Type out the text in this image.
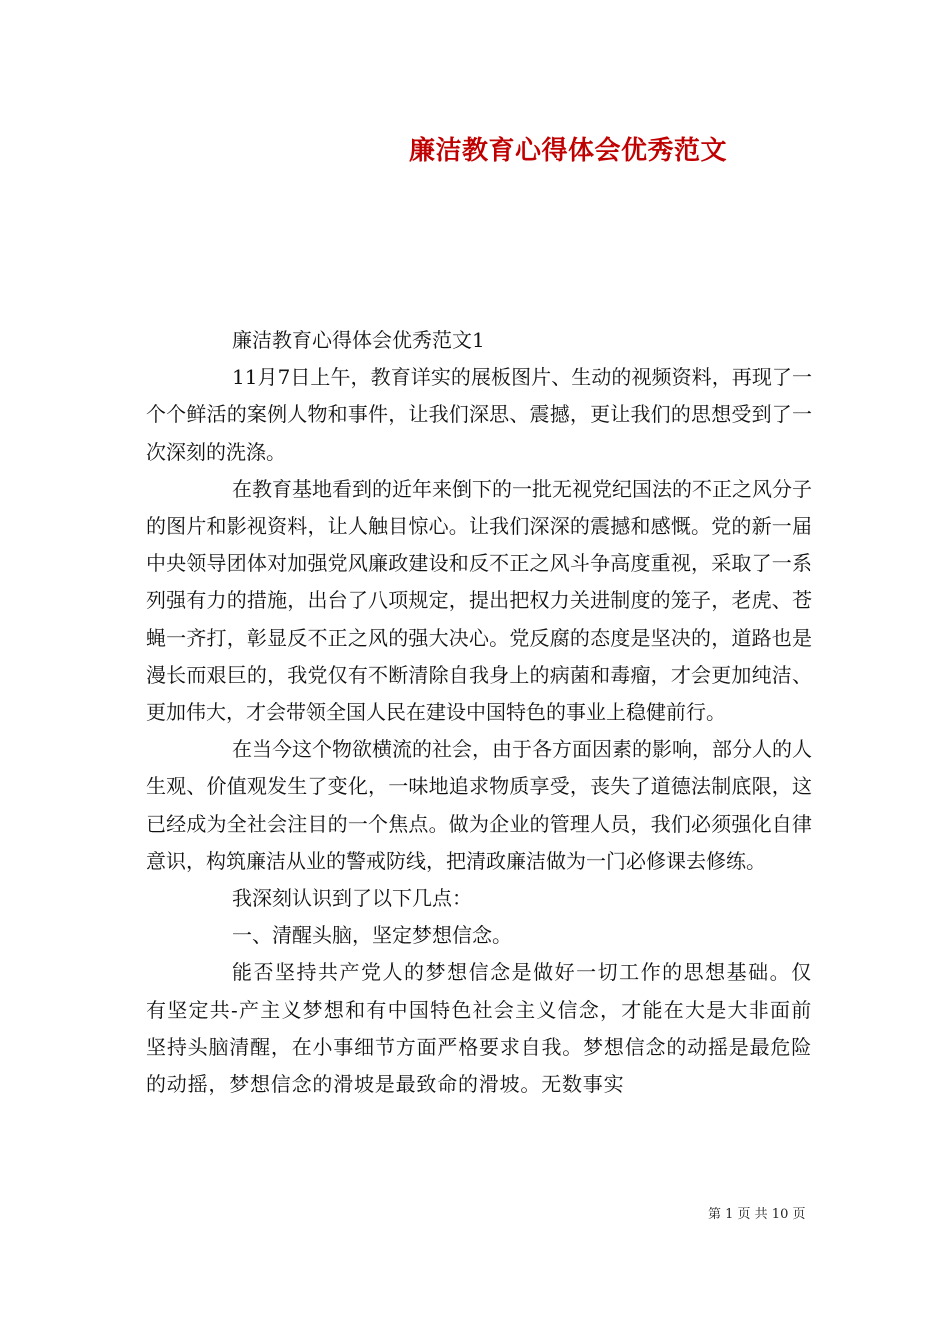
廉洁教育心得体会优秀范文

廉洁教育心得体会优秀范文1

11月7日上午，教育详实的展板图片、生动的视频资料，再现了一个个鲜活的案例人物和事件，让我们深思、震撼，更让我们的思想受到了一次深刻的洗涤。

在教育基地看到的近年来倒下的一批无视党纪国法的不正之风分子的图片和影视资料，让人触目惊心。让我们深深的震撼和感慨。党的新一届中央领导团体对加强党风廉政建设和反不正之风斗争高度重视，采取了一系列强有力的措施，出台了八项规定，提出把权力关进制度的笼子，老虎、苍蝇一齐打，彰显反不正之风的强大决心。党反腐的态度是坚决的，道路也是漫长而艰巨的，我党仅有不断清除自我身上的病菌和毒瘤，才会更加纯洁、更加伟大，才会带领全国人民在建设中国特色的事业上稳健前行。

在当今这个物欲横流的社会，由于各方面因素的影响，部分人的人生观、价值观发生了变化，一味地追求物质享受，丧失了道德法制底限，这已经成为全社会注目的一个焦点。做为企业的管理人员，我们必须强化自律意识，构筑廉洁从业的警戒防线，把清政廉洁做为一门必修课去修练。

我深刻认识到了以下几点：

一、清醒头脑，坚定梦想信念。

能否坚持共产党人的梦想信念是做好一切工作的思想基础。仅有坚定共-产主义梦想和有中国特色社会主义信念，才能在大是大非面前坚持头脑清醒，在小事细节方面严格要求自我。梦想信念的动摇是最危险的动摇，梦想信念的滑坡是最致命的滑坡。无数事实

第 1 页 共 10 页
